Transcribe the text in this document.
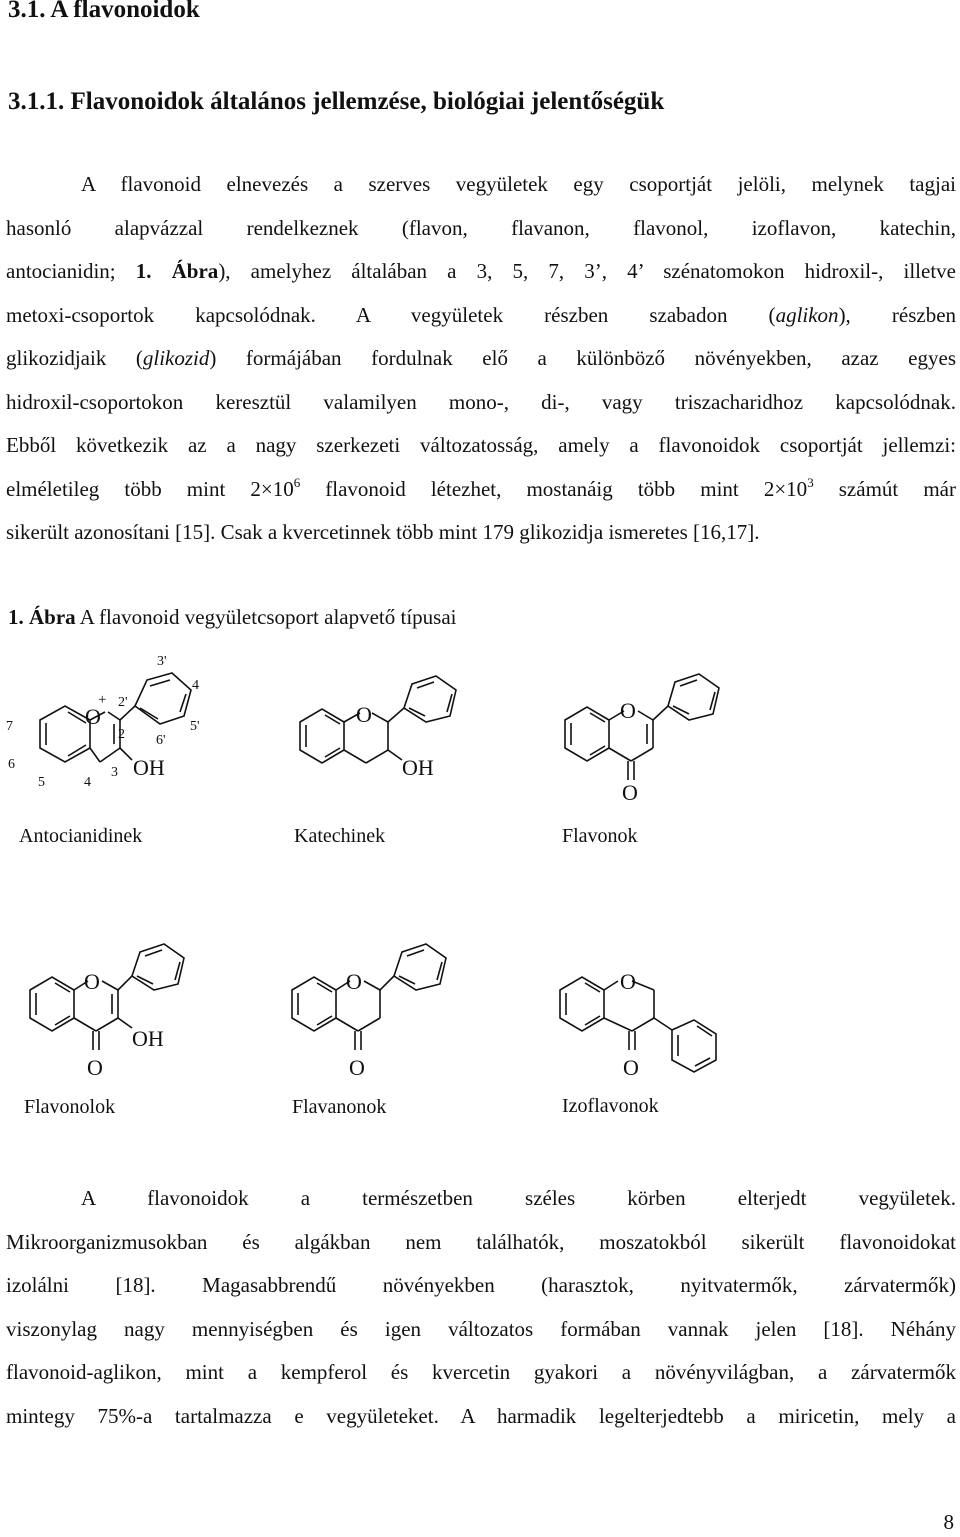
3.1. A flavonoidok
3.1.1. Flavonoidok általános jellemzése, biológiai jelentőségük
A flavonoid elnevezés a szerves vegyületek egy csoportját jelöli, melynek tagjai
hasonló alapvázzal rendelkeznek (flavon, flavanon, flavonol, izoflavon, katechin,
antocianidin; 1. Ábra), amelyhez általában a 3, 5, 7, 3’, 4’ szénatomokon hidroxil-, illetve
metoxi-csoportok kapcsolódnak. A vegyületek részben szabadon (aglikon), részben
glikozidjaik (glikozid) formájában fordulnak elő a különböző növényekben, azaz egyes
hidroxil-csoportokon keresztül valamilyen mono-, di-, vagy triszacharidhoz kapcsolódnak.
Ebből következik az a nagy szerkezeti változatosság, amely a flavonoidok csoportját jellemzi:
elméletileg több mint $2\times 10^6$ flavonoid létezhet, mostanáig több mint $2\times 10^3$ számút már
sikerült azonosítani [15]. Csak a kvercetinnek több mint 179 glikozidja ismeretes [16,17].
1. Ábra A flavonoid vegyületcsoport alapvető típusai
O
+ 2'
2
3 OH
7
6
5	4
3'
4
5'
6'
Antocianidinek
O
OH
Katechinek
O
O
Flavonok
O
O
OH
Flavonolok
O
O
Flavanonok
O
O
Izoflavonok
A flavonoidok a természetben széles körben elterjedt vegyületek.
Mikroorganizmusokban és algákban nem találhatók, moszatokból sikerült flavonoidokat
izolálni [18]. Magasabbrendű növényekben (harasztok, nyitvatermők, zárvatermők)
viszonylag nagy mennyiségben és igen változatos formában vannak jelen [18]. Néhány
flavonoid-aglikon, mint a kempferol és kvercetin gyakori a növényvilágban, a zárvatermők
mintegy 75%-a tartalmazza e vegyületeket. A harmadik legelterjedtebb a miricetin, mely a
8
